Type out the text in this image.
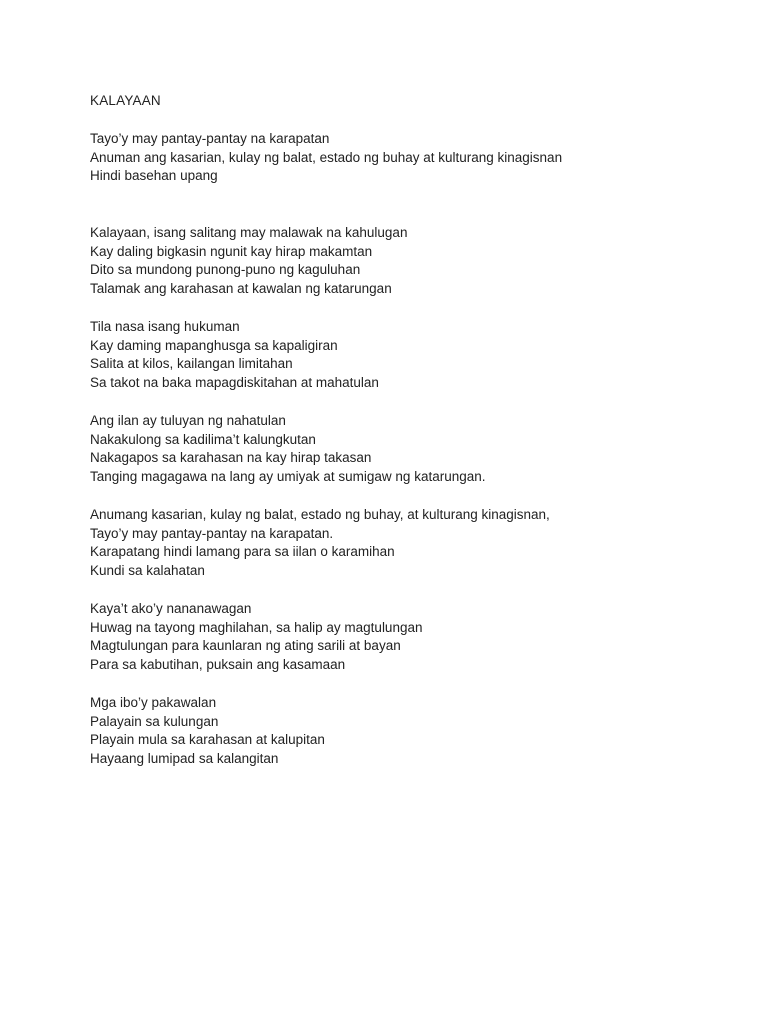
KALAYAAN
Tayo’y may pantay-pantay na karapatan
Anuman ang kasarian, kulay ng balat, estado ng buhay at kulturang kinagisnan
Hindi basehan upang
Kalayaan, isang salitang may malawak na kahulugan
Kay daling bigkasin ngunit kay hirap makamtan
Dito sa mundong punong-puno ng kaguluhan
Talamak ang karahasan at kawalan ng katarungan
Tila nasa isang hukuman
Kay daming mapanghusga sa kapaligiran
Salita at kilos, kailangan limitahan
Sa takot na baka mapagdiskitahan at mahatulan
Ang ilan ay tuluyan ng nahatulan
Nakakulong sa kadilima’t kalungkutan
Nakagapos sa karahasan na kay hirap takasan
Tanging magagawa na lang ay umiyak at sumigaw ng katarungan.
Anumang kasarian, kulay ng balat, estado ng buhay, at kulturang kinagisnan,
Tayo’y may pantay-pantay na karapatan.
Karapatang hindi lamang para sa iilan o karamihan
Kundi sa kalahatan
Kaya’t ako’y nananawagan
Huwag na tayong maghilahan, sa halip ay magtulungan
Magtulungan para kaunlaran ng ating sarili at bayan
Para sa kabutihan, puksain ang kasamaan
Mga ibo’y pakawalan
Palayain sa kulungan
Playain mula sa karahasan at kalupitan
Hayaang lumipad sa kalangitan
